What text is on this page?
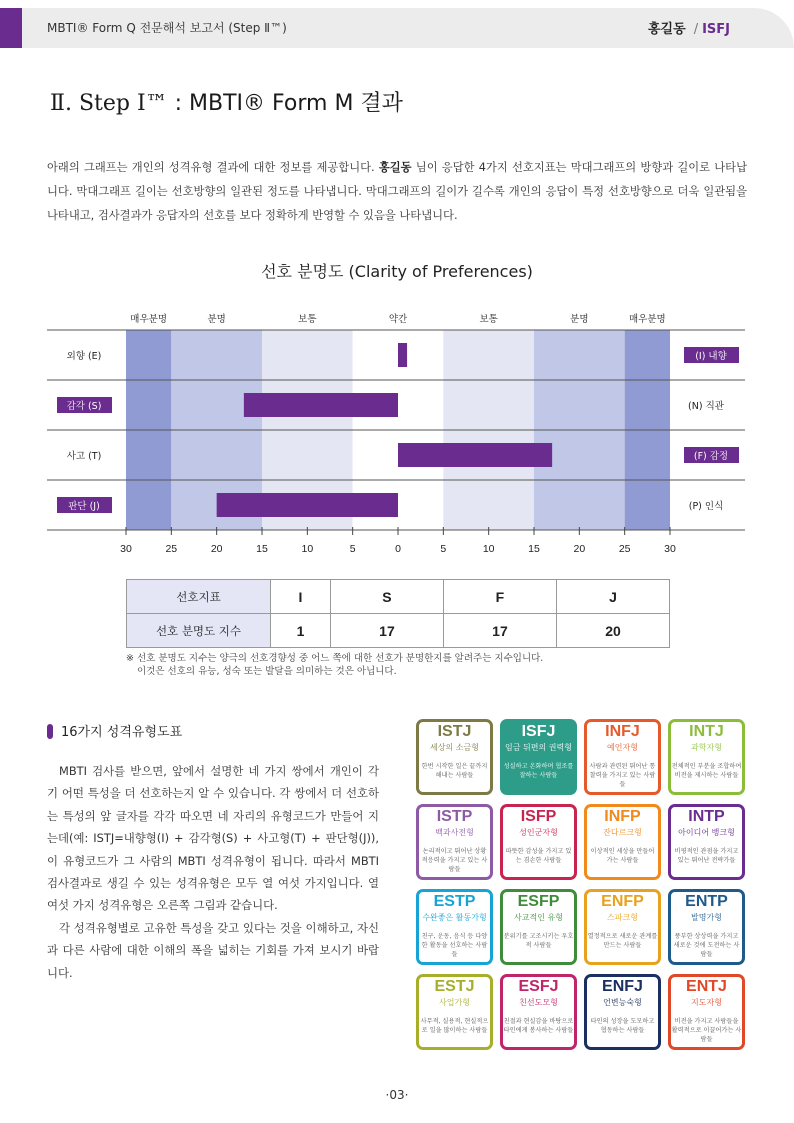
MBTI® Form Q 전문해석 보고서 (Step Ⅱ™)	홍길동 / ISFJ
Ⅱ. Step Ⅰ™ : MBTI® Form M 결과

아래의 그래프는 개인의 성격유형 결과에 대한 정보를 제공합니다. 홍길동 님이 응답한 4가지 선호지표는 막대그래프의 방향과 길이로 나타납니다. 막대그래프 길이는 선호방향의 일관된 정도를 나타냅니다. 막대그래프의 길이가 길수록 개인의 응답이 특정 선호방향으로 더욱 일관됨을 나타내고, 검사결과가 응답자의 선호를 보다 정확하게 반영할 수 있음을 나타냅니다.

선호 분명도 (Clarity of Preferences)
매우분명	분명	보통	약간	보통	분명	매우분명
외향 (E)	(I) 내향
감각 (S)	(N) 직관
사고 (T)	(F) 감정
판단 (J)	(P) 인식
30	25	20	15	10	5	0	5	10	15	20	25	30
선호지표	I	S	F	J
선호 분명도 지수	1	17	17	20
※ 선호 분명도 지수는 양극의 선호경향성 중 어느 쪽에 대한 선호가 분명한지를 알려주는 지수입니다.
이것은 선호의 유능, 성숙 또는 발달을 의미하는 것은 아닙니다.
16가지 성격유형도표

MBTI 검사를 받으면, 앞에서 설명한 네 가지 쌍에서 개인이 각 기 어떤 특성을 더 선호하는지 알 수 있습니다. 각 쌍에서 더 선호하는 특성의 앞 글자를 각각 따오면 네 자리의 유형코드가 만들어 지는데(예: ISTJ=내향형(I) + 감각형(S) + 사고형(T) + 판단형(J)), 이 유형코드가 그 사람의 MBTI 성격유형이 됩니다. 따라서 MBTI 검사결과로 생길 수 있는 성격유형은 모두 열 여섯 가지입니다. 열 여섯 가지 성격유형은 오른쪽 그림과 같습니다.

각 성격유형별로 고유한 특성을 갖고 있다는 것을 이해하고, 자신과 다른 사람에 대한 이해의 폭을 넓히는 기회를 가져 보시기 바랍니다.

ISTJ
세상의 소금형
한번 시작한 일은 끝까지 해내는 사람들
ISFJ
임금 뒤편의 권력형
성실하고 온화하며 협조를 잘하는 사람들
INFJ
예언자형
사람과 관련된 뛰어난 통찰력을 가지고 있는 사람들
INTJ
과학자형
전체적인 부분을 조합하여 비전을 제시하는 사람들
ISTP
백과사전형
논리적이고 뛰어난 상황 적응력을 가지고 있는 사람들
ISFP
성인군자형
따뜻한 감성을 가지고 있는 겸손한 사람들
INFP
잔다르크형
이상적인 세상을 만들어 가는 사람들
INTP
아이디어 뱅크형
비평적인 관점을 가지고 있는 뛰어난 전략가들
ESTP
수완좋은 활동가형
친구, 운동, 음식 등 다양한 활동을 선호하는 사람들
ESFP
사교적인 유형
분위기를 고조시키는 우호적 사람들
ENFP
스파크형
열정적으로 새로운 관계를 만드는 사람들
ENTP
발명가형
풍부한 상상력을 가지고 새로운 것에 도전하는 사람들
ESTJ
사업가형
사무적, 실용적, 현실적으로 일을 많이하는 사람들
ESFJ
친선도모형
친절과 현실감을 바탕으로 타인에게 봉사하는 사람들
ENFJ
언변능숙형
타인의 성장을 도모하고 협동하는 사람들
ENTJ
지도자형
비전을 가지고 사람들을 활력적으로 이끌어가는 사람들
·03·
